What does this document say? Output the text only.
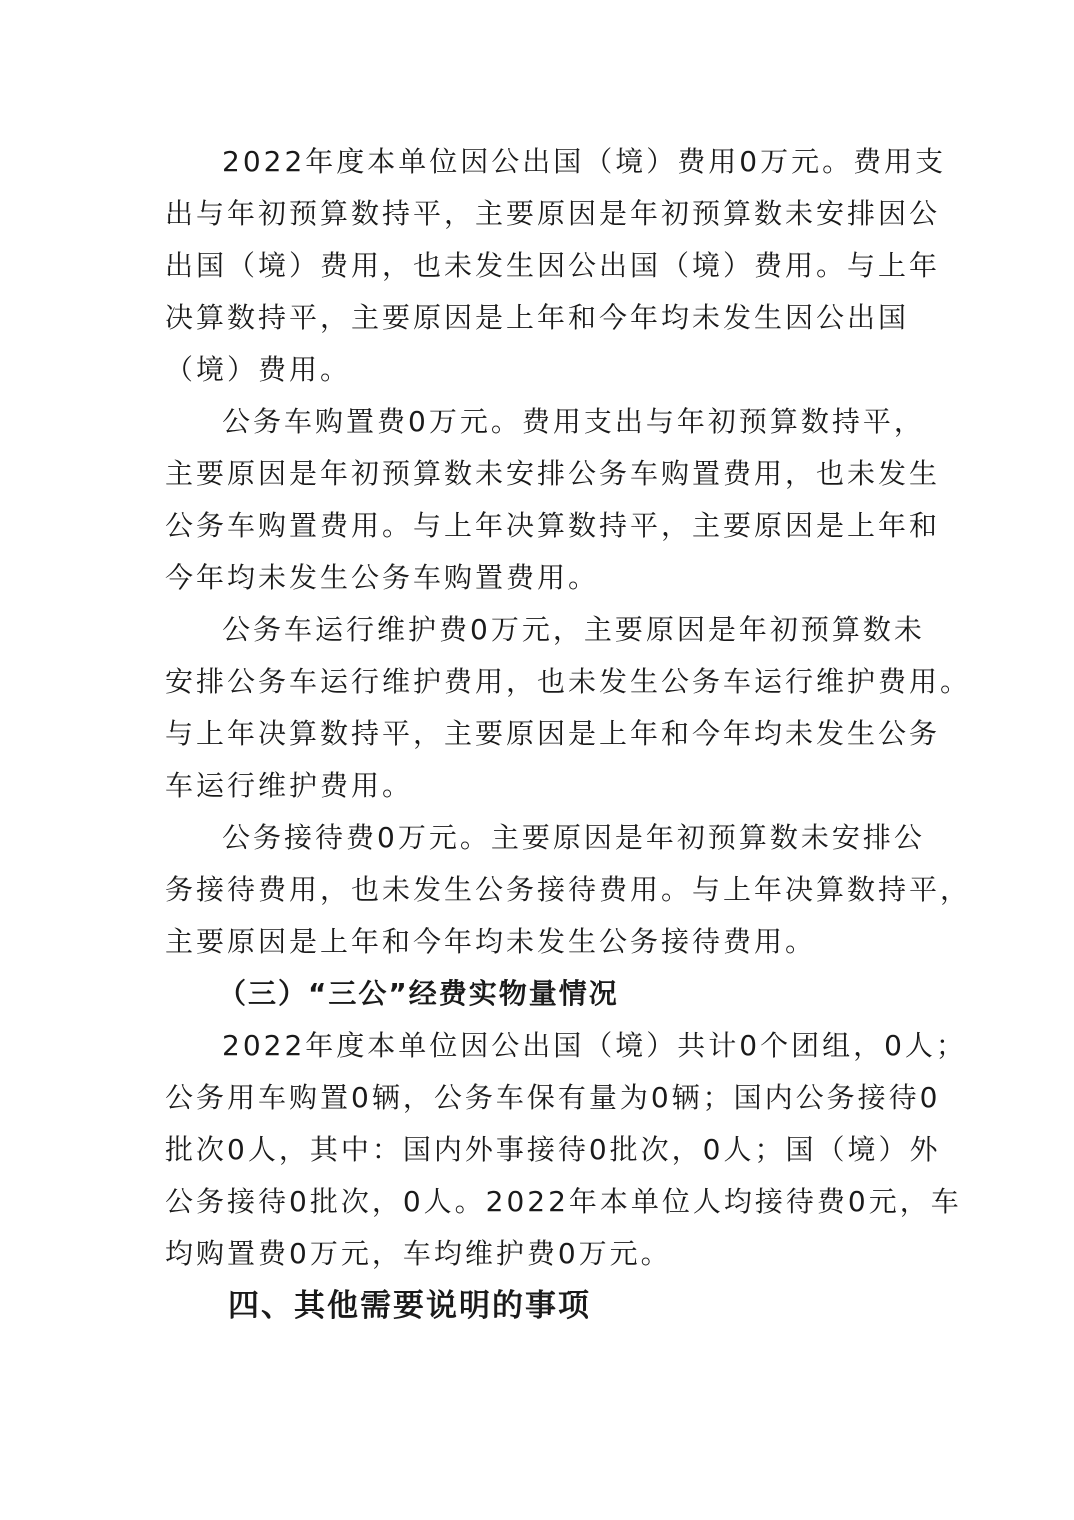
2022年度本单位因公出国（境）费用0万元。费用支

出与年初预算数持平，主要原因是年初预算数未安排因公

出国（境）费用，也未发生因公出国（境）费用。与上年

决算数持平，主要原因是上年和今年均未发生因公出国

（境）费用。

公务车购置费0万元。费用支出与年初预算数持平，

主要原因是年初预算数未安排公务车购置费用，也未发生

公务车购置费用。与上年决算数持平，主要原因是上年和

今年均未发生公务车购置费用。

公务车运行维护费0万元，主要原因是年初预算数未

安排公务车运行维护费用，也未发生公务车运行维护费用。

与上年决算数持平，主要原因是上年和今年均未发生公务

车运行维护费用。

公务接待费0万元。主要原因是年初预算数未安排公

务接待费用，也未发生公务接待费用。与上年决算数持平，

主要原因是上年和今年均未发生公务接待费用。

（三）“三公”经费实物量情况

2022年度本单位因公出国（境）共计0个团组，0人；

公务用车购置0辆，公务车保有量为0辆；国内公务接待0

批次0人，其中：国内外事接待0批次，0人；国（境）外

公务接待0批次，0人。2022年本单位人均接待费0元，车

均购置费0万元，车均维护费0万元。

四、其他需要说明的事项
